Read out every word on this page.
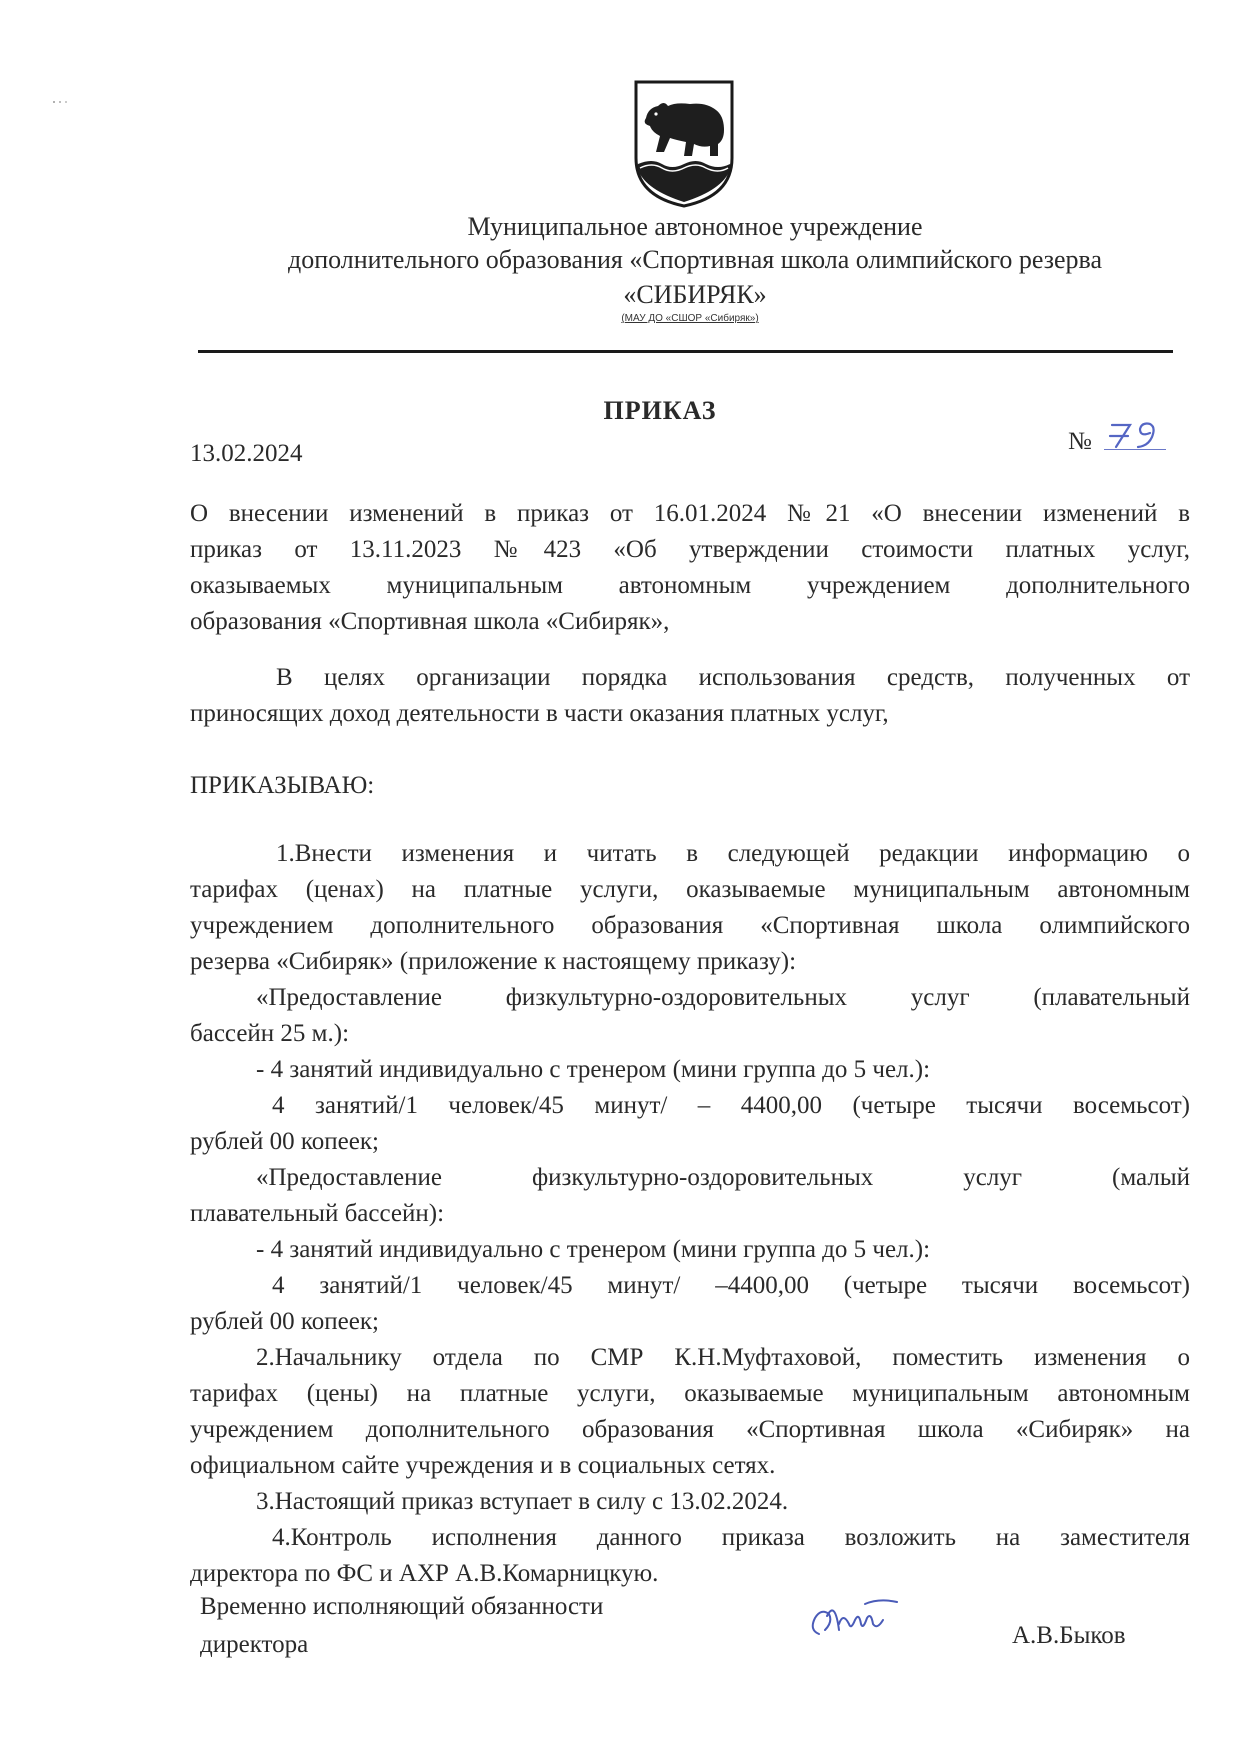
Муниципальное автономное учреждение
дополнительного образования «Спортивная школа олимпийского резерва
«СИБИРЯК»
(МАУ ДО «СШОР «Сибиряк»)
ПРИКАЗ
13.02.2024	№
О внесении изменений в приказ от 16.01.2024 №21 «О внесении изменений в
приказ от 13.11.2023 №423 «Об утверждении стоимости платных услуг,
оказываемых муниципальным автономным учреждением дополнительного
образования «Спортивная школа «Сибиряк»,
В целях организации порядка использования средств, полученных от
приносящих доход деятельности в части оказания платных услуг,
ПРИКАЗЫВАЮ:
1.Внести изменения и читать в следующей редакции информацию о
тарифах (ценах) на платные услуги, оказываемые муниципальным автономным
учреждением дополнительного образования «Спортивная школа олимпийского
резерва «Сибиряк» (приложение к настоящему приказу):
«Предоставление физкультурно-оздоровительных услуг (плавательный
бассейн 25 м.):
- 4 занятий индивидуально с тренером (мини группа до 5 чел.):
4 занятий/1 человек/45 минут/ – 4400,00 (четыре тысячи восемьсот)
рублей 00 копеек;
«Предоставление физкультурно-оздоровительных услуг (малый
плавательный бассейн):
- 4 занятий индивидуально с тренером (мини группа до 5 чел.):
4 занятий/1 человек/45 минут/ –4400,00 (четыре тысячи восемьсот)
рублей 00 копеек;
2.Начальнику отдела по СМР К.Н.Муфтаховой, поместить изменения о
тарифах (цены) на платные услуги, оказываемые муниципальным автономным
учреждением дополнительного образования «Спортивная школа «Сибиряк» на
официальном сайте учреждения и в социальных сетях.
3.Настоящий приказ вступает в силу с 13.02.2024.
4.Контроль исполнения данного приказа возложить на заместителя
директора по ФС и АХР А.В.Комарницкую.
Временно исполняющий обязанности
директора	А.В.Быков
